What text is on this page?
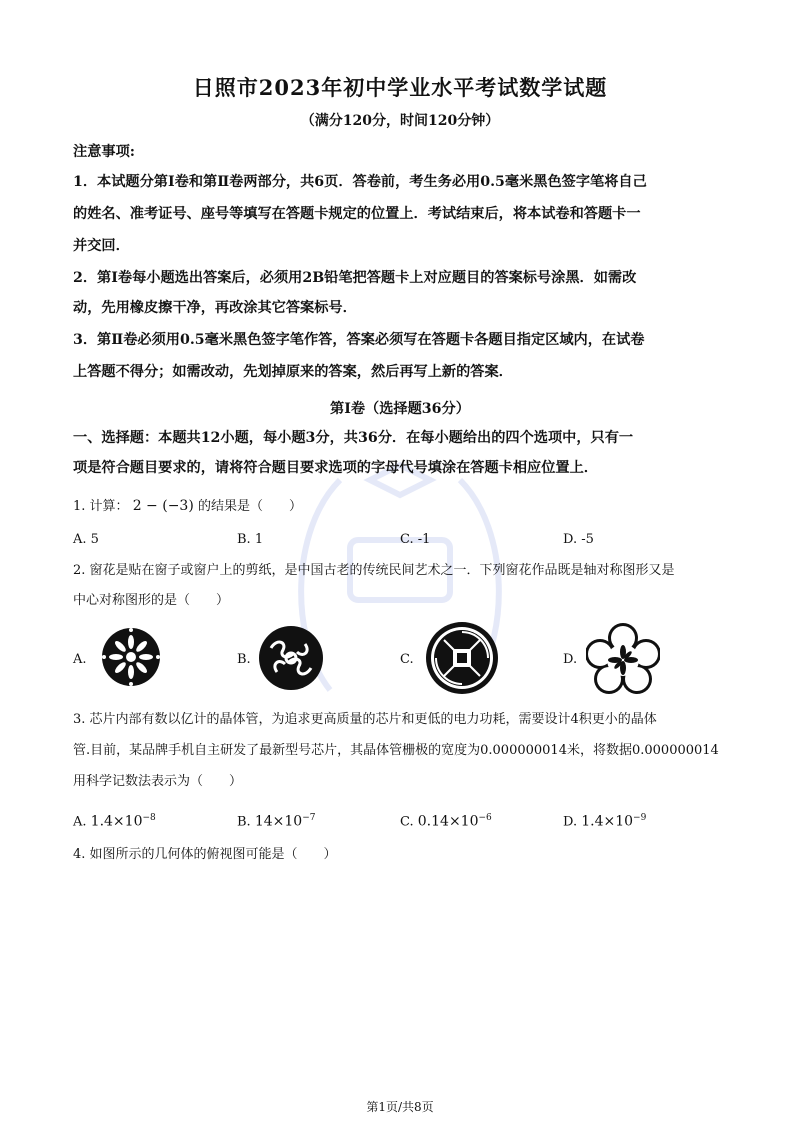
日照市2023年初中学业水平考试数学试题
（满分120分，时间120分钟）
注意事项:
1．本试题分第Ⅰ卷和第Ⅱ卷两部分，共6页．答卷前，考生务必用0.5毫米黑色签字笔将自己
的姓名、准考证号、座号等填写在答题卡规定的位置上．考试结束后，将本试卷和答题卡一
并交回．
2．第Ⅰ卷每小题选出答案后，必须用2B铅笔把答题卡上对应题目的答案标号涂黑．如需改
动，先用橡皮擦干净，再改涂其它答案标号．
3．第Ⅱ卷必须用0.5毫米黑色签字笔作答，答案必须写在答题卡各题目指定区域内，在试卷
上答题不得分；如需改动，先划掉原来的答案，然后再写上新的答案．
第Ⅰ卷（选择题36分）
一、选择题：本题共12小题，每小题3分，共36分．在每小题给出的四个选项中，只有一
项是符合题目要求的，请将符合题目要求选项的字母代号填涂在答题卡相应位置上．
1. 计算： 2 − (−3) 的结果是（　　）
A. 5	B. 1	C. -1	D. -5
2. 窗花是贴在窗子或窗户上的剪纸，是中国古老的传统民间艺术之一．下列窗花作品既是轴对称图形又是
中心对称图形的是（　　）
A.	B.	C.	D.
3. 芯片内部有数以亿计的晶体管，为追求更高质量的芯片和更低的电力功耗，需要设计4积更小的晶体
管.目前，某品牌手机自主研发了最新型号芯片，其晶体管栅极的宽度为0.000000014米，将数据0.000000014
用科学记数法表示为（　　）
A. $1.4\times 10^{-8}$	B. $14\times 10^{-7}$	C. $0.14\times 10^{-6}$	D. $1.4\times 10^{-9}$
4. 如图所示的几何体的俯视图可能是（　　）
第1页/共8页
